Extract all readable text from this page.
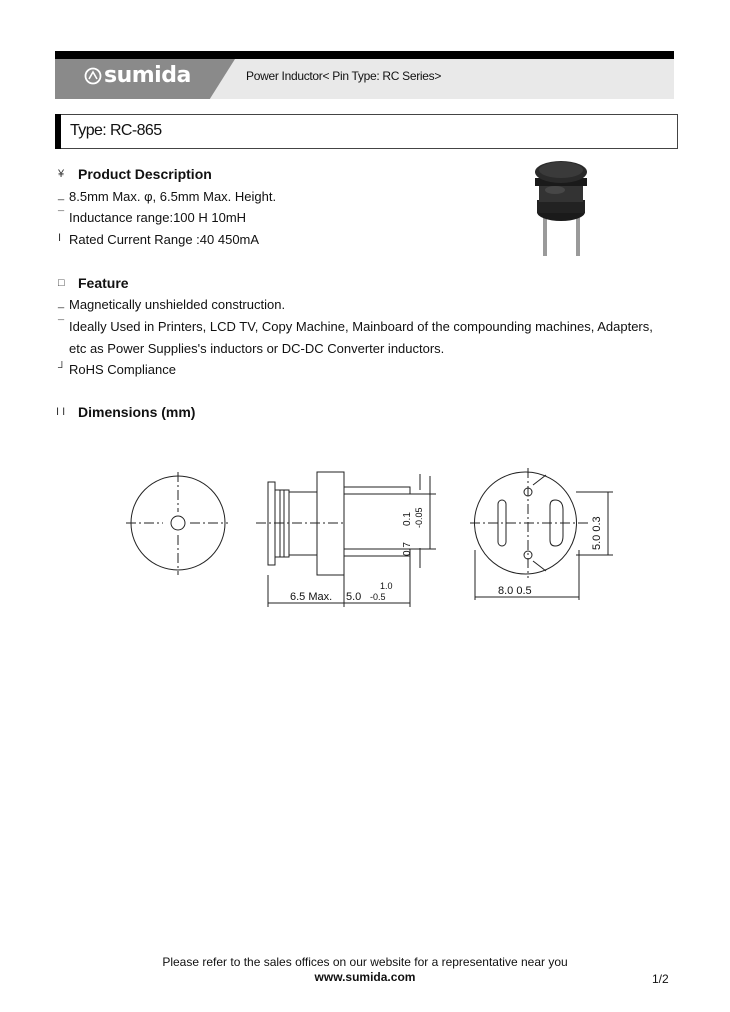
sumida	Power Inductor< Pin Type: RC Series>
Type: RC-865
¥ Product Description
_ 8.5mm Max. φ, 6.5mm Max. Height.
¯ Inductance range:100 H 10mH
I Rated Current Range :40 450mA
□ Feature
_ Magnetically unshielded construction.
¯ Ideally Used in Printers, LCD TV, Copy Machine, Mainboard of the compounding machines, Adapters,
etc as Power Supplies's inductors or DC-DC Converter inductors.
┘ RoHS Compliance
I I Dimensions (mm)
6.5 Max. 5.0
1.0
-0.5
0.1 -0.05
0.7
8.0 0.5
5.0 0.3
Please refer to the sales offices on our website for a representative near you
www.sumida.com	1/2
